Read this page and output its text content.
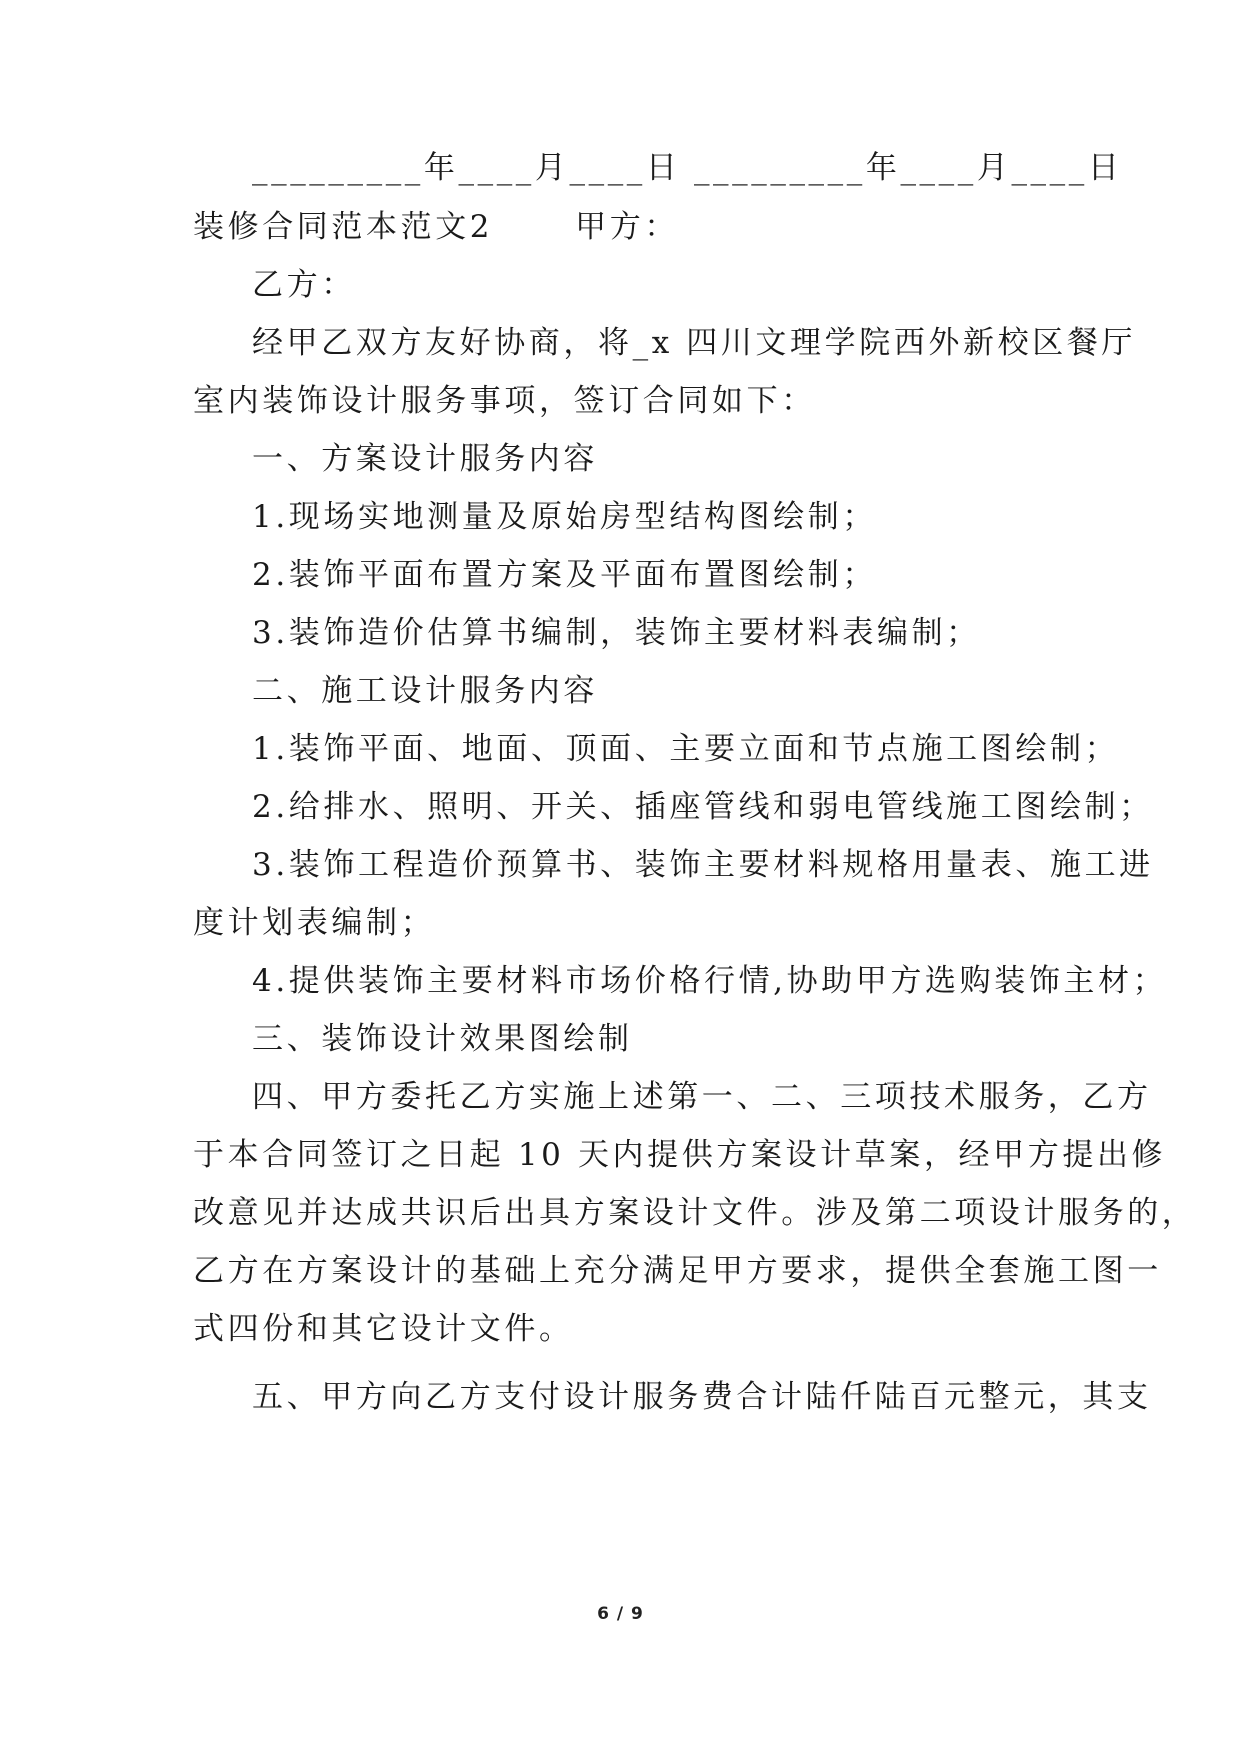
_________年____月____日 _________年____月____日
装修合同范本范文2	甲方：
乙方：
经甲乙双方友好协商，将_x 四川文理学院西外新校区餐厅
室内装饰设计服务事项，签订合同如下：
一、方案设计服务内容
1.现场实地测量及原始房型结构图绘制；
2.装饰平面布置方案及平面布置图绘制；
3.装饰造价估算书编制，装饰主要材料表编制；
二、施工设计服务内容
1.装饰平面、地面、顶面、主要立面和节点施工图绘制；
2.给排水、照明、开关、插座管线和弱电管线施工图绘制；
3.装饰工程造价预算书、装饰主要材料规格用量表、施工进
度计划表编制；
4.提供装饰主要材料市场价格行情,协助甲方选购装饰主材；
三、装饰设计效果图绘制
四、甲方委托乙方实施上述第一、二、三项技术服务，乙方
于本合同签订之日起 10 天内提供方案设计草案，经甲方提出修
改意见并达成共识后出具方案设计文件。涉及第二项设计服务的，
乙方在方案设计的基础上充分满足甲方要求，提供全套施工图一
式四份和其它设计文件。
五、甲方向乙方支付设计服务费合计陆仟陆百元整元，其支
6 / 9
